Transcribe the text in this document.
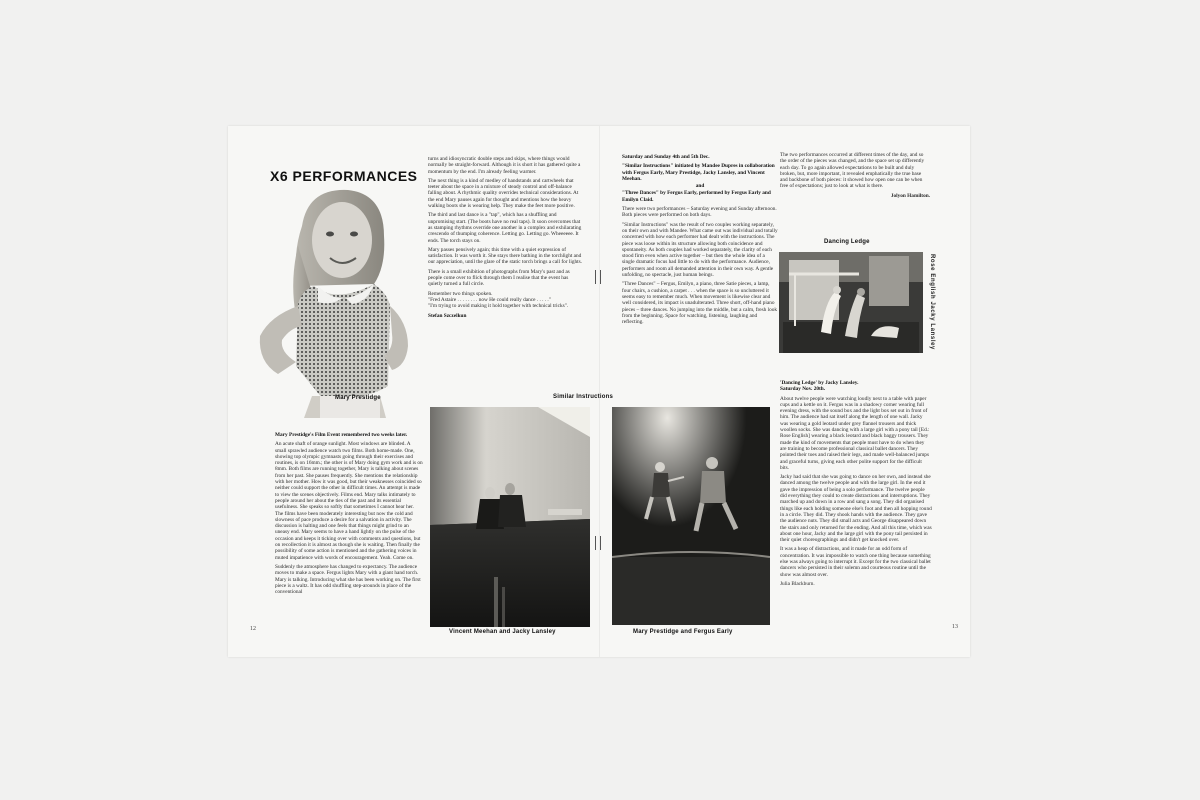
X6 PERFORMANCES
Mary Prestidge

Mary Prestidge's Film Event remembered two weeks later.

An acute shaft of orange sunlight. Most windows are blinded. A small sprawled audience watch two films. Both home-made. One, showing top olympic gymnasts going through their exercises and routines, is on 16mm.; the other is of Mary doing gym work and is on 8mm. Both films are running together, Mary is talking about scenes from her past. She pauses frequently. She mentions the relationship with her mother. How it was good, but their weaknesses coincided so neither could support the other in difficult times. An attempt is made to view the scenes objectively. Films end. Mary talks intimately to people around her about the ties of the past and its essential usefulness. She speaks so softly that sometimes I cannot hear her. The films have been moderately interesting but now the cold and slowness of pace produce a desire for a salvation in activity. The discussion is halting and one feels that things might grind to an uneasy end. Mary seems to have a hand lightly on the pulse of the occasion and keeps it ticking over with comments and questions, but on recollection it is almost as though she is waiting. Then finally the possibility of some action is mentioned and the gathering voices in muted impatience with words of encouragement. Yeah. Come on.

Suddenly the atmosphere has changed to expectancy. The audience moves to make a space. Fergus lights Mary with a giant hand torch. Mary is talking. Introducing what she has been working on. The first piece is a waltz. It has odd shuffling step-arounds in place of the conventional

turns and idiosyncratic double steps and skips, where things would normally be straight-forward. Although it is short it has gathered quite a momentum by the end. I'm already feeling warmer.

The next thing is a kind of medley of handstands and cartwheels that teeter about the space in a mixture of steady control and off-balance falling about. A rhythmic quality overrides technical considerations. At the end Mary pauses again for thought and mentions how the heavy walking boots she is wearing help. They make the feet more positive.

The third and last dance is a "tap", which has a shuffling and unpromising start. (The boots have no real taps). It soon overcomes that as stamping rhythms override one another in a complex and exhilarating crescendo of thumping coherence. Letting go. Letting go. Wheeeeee. It ends. The torch stays on.

Mary passes pensively again; this time with a quiet expression of satisfaction. It was worth it. She stays there bathing in the torchlight and our appreciation, until the glare of the static torch brings a call for lights.

There is a small exhibition of photographs from Mary's past and as people come over to flick through them I realise that the event has quietly turned a full circle.

Remember two things spoken.

"Fred Astaire . . . . . . . . now He could really dance . . . . ."

"I'm trying to avoid making it hold together with technical tricks".

Stefan Szczelkun

Saturday and Sunday 4th and 5th Dec.

"Similar Instructions" initiated by Mandee Dupres in collaboration with Fergus Early, Mary Prestidge, Jacky Lansley, and Vincent Meehan.

and

"Three Dances" by Fergus Early, performed by Fergus Early and Emilyn Claid.

There were two performances – Saturday evening and Sunday afternoon. Both pieces were performed on both days.

"Similar Instructions" was the result of two couples working separately, on their own and with Mandee. What came out was individual and totally concerned with how each performer had dealt with the instructions. The piece was loose within its structure allowing both coincidence and spontaneity. As both couples had worked separately, the clarity of each stood firm even when active together – but then the whole idea of a single dramatic focus had little to do with the performance. Audience, performers and room all demanded attention in their own way. A gentle unfolding, no spectacle, just human beings.

"Three Dances" – Fergus, Emilyn, a piano, three Satie pieces, a lamp, four chairs, a cushion, a carpet . . . when the space is so uncluttered it seems easy to remember much. When movement is likewise clear and well considered, its impact is unadulterated. Three short, off-hand piano pieces – three dances. No jumping into the middle, but a calm, fresh look from the beginning. Space for watching, listening, laughing and reflecting.

The two performances occurred at different times of the day, and so the order of the pieces was changed, and the space set up differently each day. To go again allowed expectations to be built and duly broken, but, more important, it revealed emphatically the true base and backbone of both pieces: it showed how open one can be when free of expectations; just to look at what is there.

Jolyon Hamilton.

Dancing Ledge
Rose English Jacky Lansley

'Dancing Ledge' by Jacky Lansley.

Saturday Nov. 20th.

About twelve people were watching loudly next to a table with paper cups and a kettle on it. Fergus was in a shadowy corner wearing full evening dress, with the sound box and the light box set out in front of him. The audience had sat itself along the length of one wall. Jacky was wearing a gold leotard under grey flannel trousers and thick woollen socks. She was dancing with a large girl with a pony tail [Ed.: Rose English] wearing a black leotard and black baggy trousers. They made the kind of movements that people must have to do when they are training to become professional classical ballet dancers. They pointed their toes and raised their legs, and made well-balanced jumps and graceful turns, giving each other polite support for the difficult bits.

Jacky had said that she was going to dance on her own, and instead she danced among the twelve people and with the large girl. In the end it gave the impression of being a solo performance. The twelve people did everything they could to create distractions and interruptions. They marched up and down in a row and sang a song. They did organised things like each holding someone else's foot and then all hopping round in a circle. They did. They shook hands with the audience. They gave the audience nuts. They did small acts and George disappeared down the stairs and only returned for the ending. And all this time, which was about one hour, Jacky and the large girl with the pony tail persisted in their quiet choreographings and didn't get knocked over.

It was a heap of distractions, and it made for an odd form of concentration. It was impossible to watch one thing because something else was always going to interrupt it. Except for the two classical ballet dancers who persisted in their solemn and courteous routine until the show was almost over.

Julia Blackburn.

Similar Instructions
Vincent Meehan and Jacky Lansley	Mary Prestidge and Fergus Early
12	13
